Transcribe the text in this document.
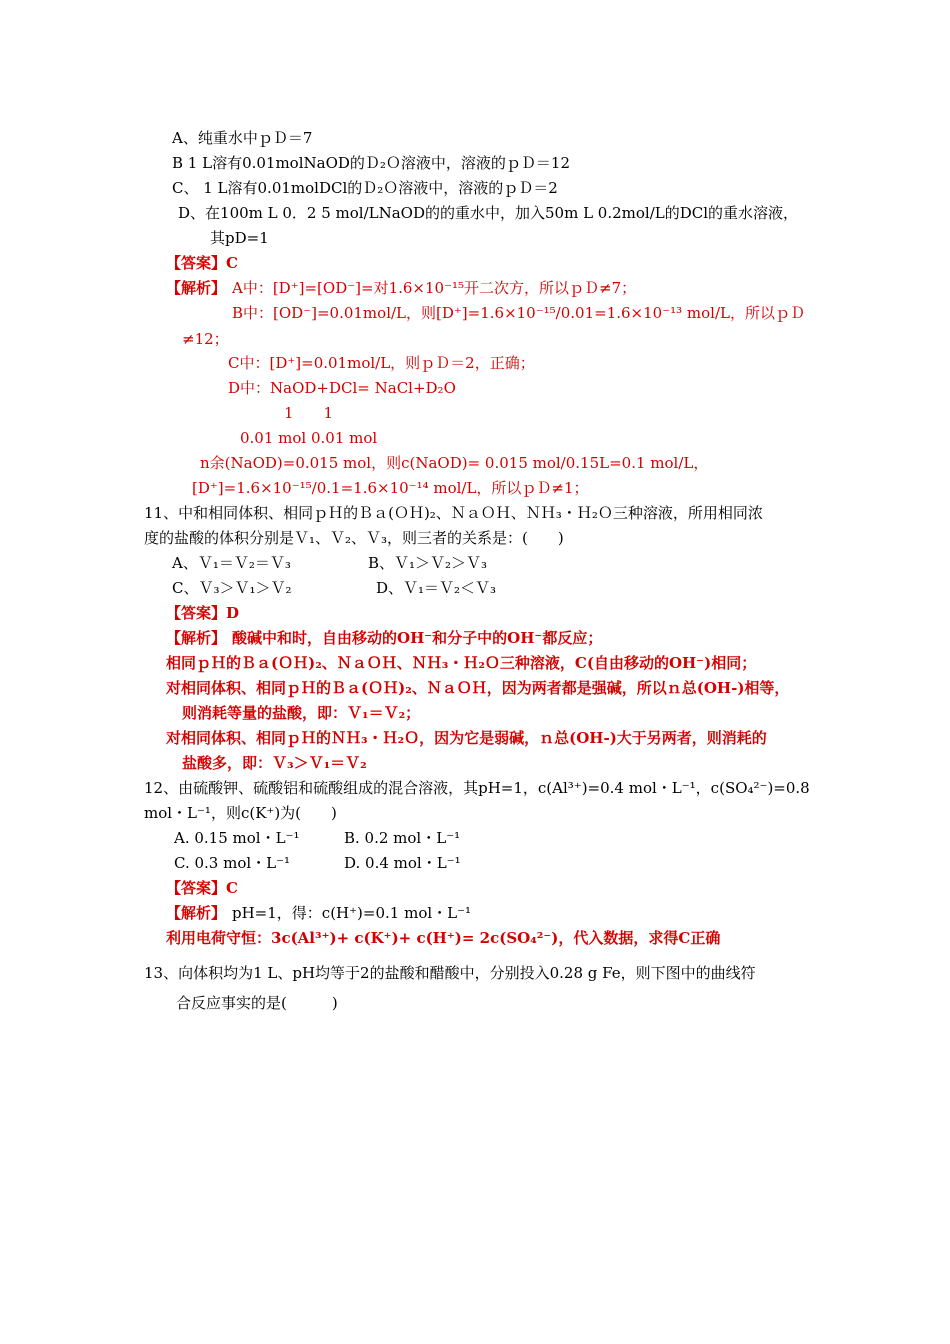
A、纯重水中ｐＤ＝7
B 1 L溶有0.01molNaOD的Ｄ₂Ｏ溶液中，溶液的ｐＤ＝12
C、 1 L溶有0.01molDCl的Ｄ₂Ｏ溶液中，溶液的ｐＤ＝2
D、在100m L 0．2 5 mol/LNaOD的的重水中，加入50m L 0.2mol/L的DCl的重水溶液，
其pD=1
【答案】C
【解析】 A中：[D⁺]=[OD⁻]=对1.6×10⁻¹⁵开二次方，所以ｐＤ≠7；
B中：[OD⁻]=0.01mol/L，则[D⁺]=1.6×10⁻¹⁵/0.01=1.6×10⁻¹³ mol/L，所以ｐＤ
≠12；
C中：[D⁺]=0.01mol/L，则ｐＤ＝2，正确；
D中：NaOD+DCl= NaCl+D₂O
1　　1
0.01 mol 0.01 mol
n余(NaOD)=0.015 mol，则c(NaOD)= 0.015 mol/0.15L=0.1 mol/L，
[D⁺]=1.6×10⁻¹⁵/0.1=1.6×10⁻¹⁴ mol/L，所以ｐＤ≠1；
11、中和相同体积、相同ｐＨ的Ｂａ(ＯＨ)₂、ＮａＯＨ、ＮＨ₃・Ｈ₂Ｏ三种溶液，所用相同浓
度的盐酸的体积分别是Ｖ₁、Ｖ₂、Ｖ₃，则三者的关系是：(　　)
A、Ｖ₁＝Ｖ₂＝Ｖ₃	B、Ｖ₁＞Ｖ₂＞Ｖ₃
C、Ｖ₃＞Ｖ₁＞Ｖ₂	D、Ｖ₁＝Ｖ₂＜Ｖ₃
【答案】D
【解析】 酸碱中和时，自由移动的OH⁻和分子中的OH⁻都反应；
相同ｐＨ的Ｂａ(ＯＨ)₂、ＮａＯＨ、ＮＨ₃・Ｈ₂Ｏ三种溶液，C(自由移动的OH⁻)相同；
对相同体积、相同ｐＨ的Ｂａ(ＯＨ)₂、ＮａＯＨ，因为两者都是强碱，所以ｎ总(OH-)相等，
则消耗等量的盐酸，即：Ｖ₁＝Ｖ₂；
对相同体积、相同ｐＨ的ＮＨ₃・Ｈ₂Ｏ，因为它是弱碱，ｎ总(OH-)大于另两者，则消耗的
盐酸多，即：Ｖ₃＞Ｖ₁＝Ｖ₂
12、由硫酸钾、硫酸铝和硫酸组成的混合溶液，其pH=1，c(Al³⁺)=0.4 mol・L⁻¹，c(SO₄²⁻)=0.8
mol・L⁻¹，则c(K⁺)为(　　)
A. 0.15 mol・L⁻¹	B. 0.2 mol・L⁻¹
C. 0.3 mol・L⁻¹	D. 0.4 mol・L⁻¹
【答案】C
【解析】 pH=1，得：c(H⁺)=0.1 mol・L⁻¹
利用电荷守恒：3c(Al³⁺)+ c(K⁺)+ c(H⁺)= 2c(SO₄²⁻)，代入数据，求得C正确
13、向体积均为1 L、pH均等于2的盐酸和醋酸中，分别投入0.28 g Fe，则下图中的曲线符
合反应事实的是(　　　)
